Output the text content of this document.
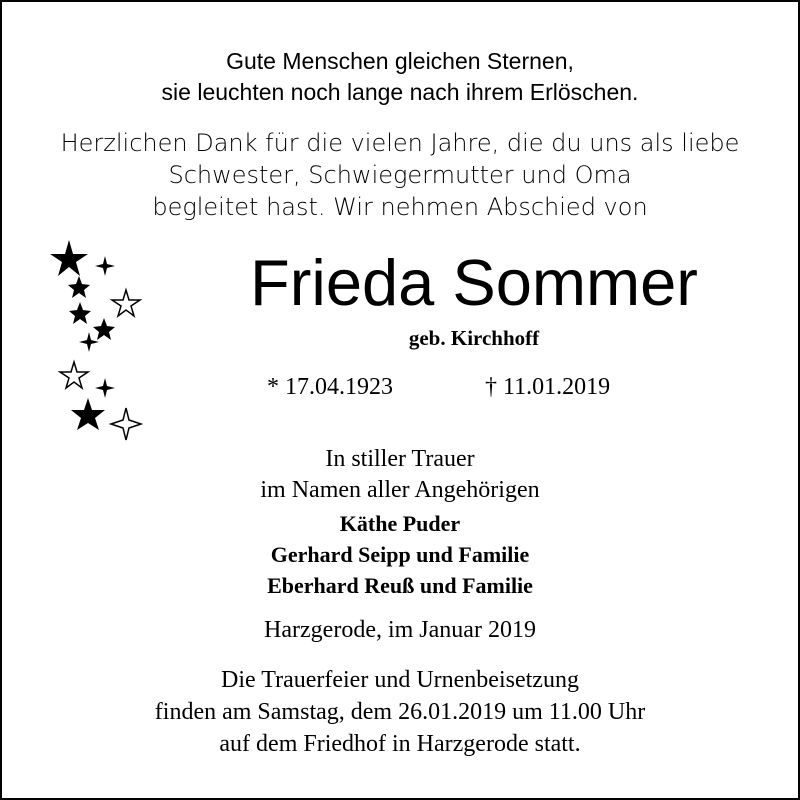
Gute Menschen gleichen Sternen,
sie leuchten noch lange nach ihrem Erlöschen.
Herzlichen Dank für die vielen Jahre, die du uns als liebe
Schwester, Schwiegermutter und Oma
begleitet hast. Wir nehmen Abschied von
Frieda Sommer
geb. Kirchhoff
* 17.04.1923	† 11.01.2019
In stiller Trauer
im Namen aller Angehörigen
Käthe Puder
Gerhard Seipp und Familie
Eberhard Reuß und Familie
Harzgerode, im Januar 2019
Die Trauerfeier und Urnenbeisetzung
finden am Samstag, dem 26.01.2019 um 11.00 Uhr
auf dem Friedhof in Harzgerode statt.
